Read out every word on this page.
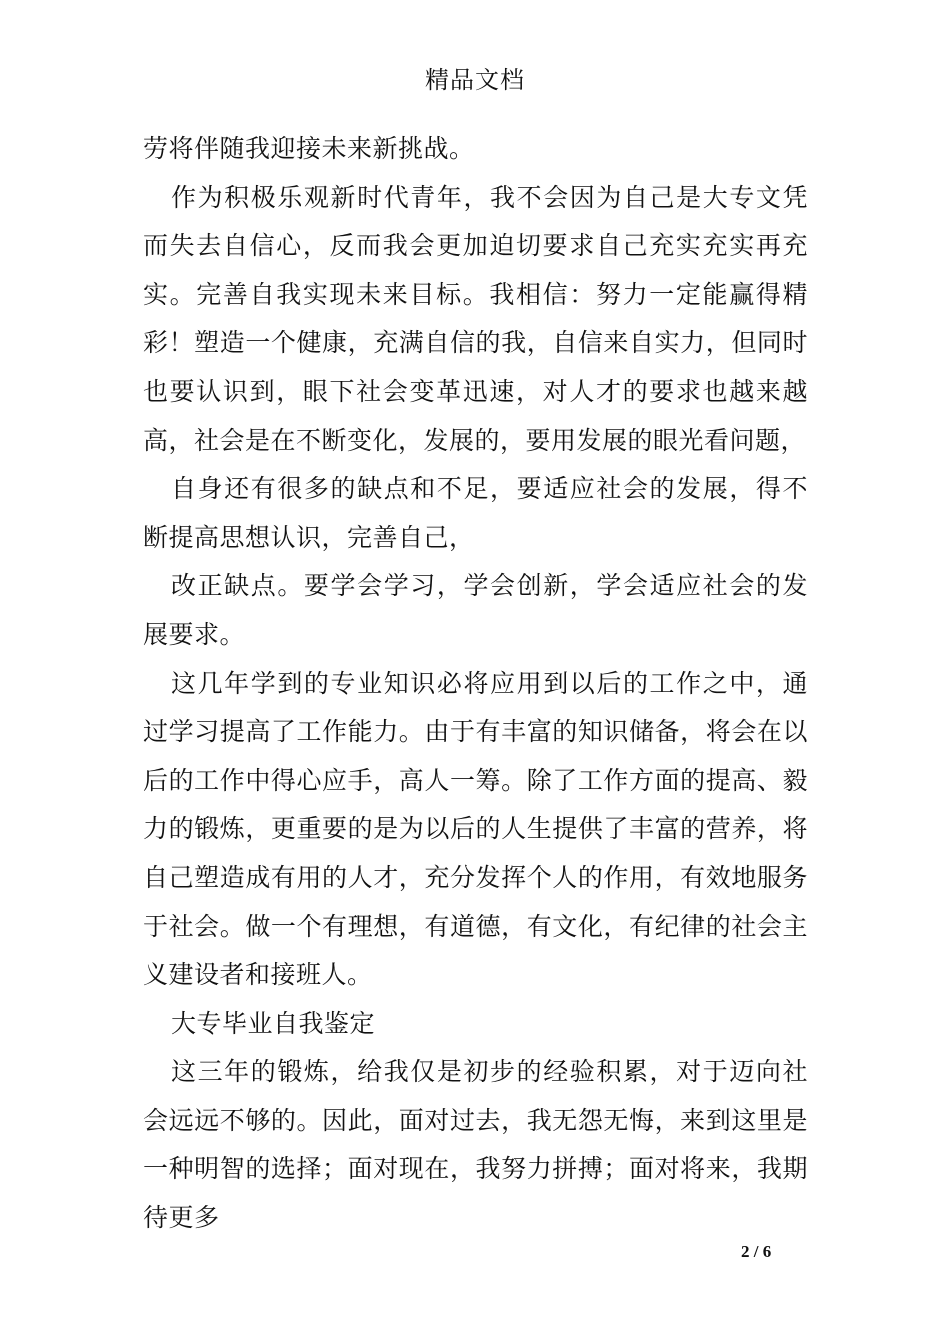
精品文档

劳将伴随我迎接未来新挑战。

作为积极乐观新时代青年，我不会因为自己是大专文凭而失去自信心，反而我会更加迫切要求自己充实充实再充实。完善自我实现未来目标。我相信：努力一定能赢得精彩！塑造一个健康，充满自信的我，自信来自实力，但同时也要认识到，眼下社会变革迅速，对人才的要求也越来越高，社会是在不断变化，发展的，要用发展的眼光看问题，

自身还有很多的缺点和不足，要适应社会的发展，得不断提高思想认识，完善自己，

改正缺点。要学会学习，学会创新，学会适应社会的发展要求。

这几年学到的专业知识必将应用到以后的工作之中，通过学习提高了工作能力。由于有丰富的知识储备，将会在以后的工作中得心应手，高人一筹。除了工作方面的提高、毅力的锻炼，更重要的是为以后的人生提供了丰富的营养，将自己塑造成有用的人才，充分发挥个人的作用，有效地服务于社会。做一个有理想，有道德，有文化，有纪律的社会主义建设者和接班人。

大专毕业自我鉴定

这三年的锻炼，给我仅是初步的经验积累，对于迈向社会远远不够的。因此，面对过去，我无怨无悔，来到这里是一种明智的选择；面对现在，我努力拼搏；面对将来，我期待更多

2 / 6
